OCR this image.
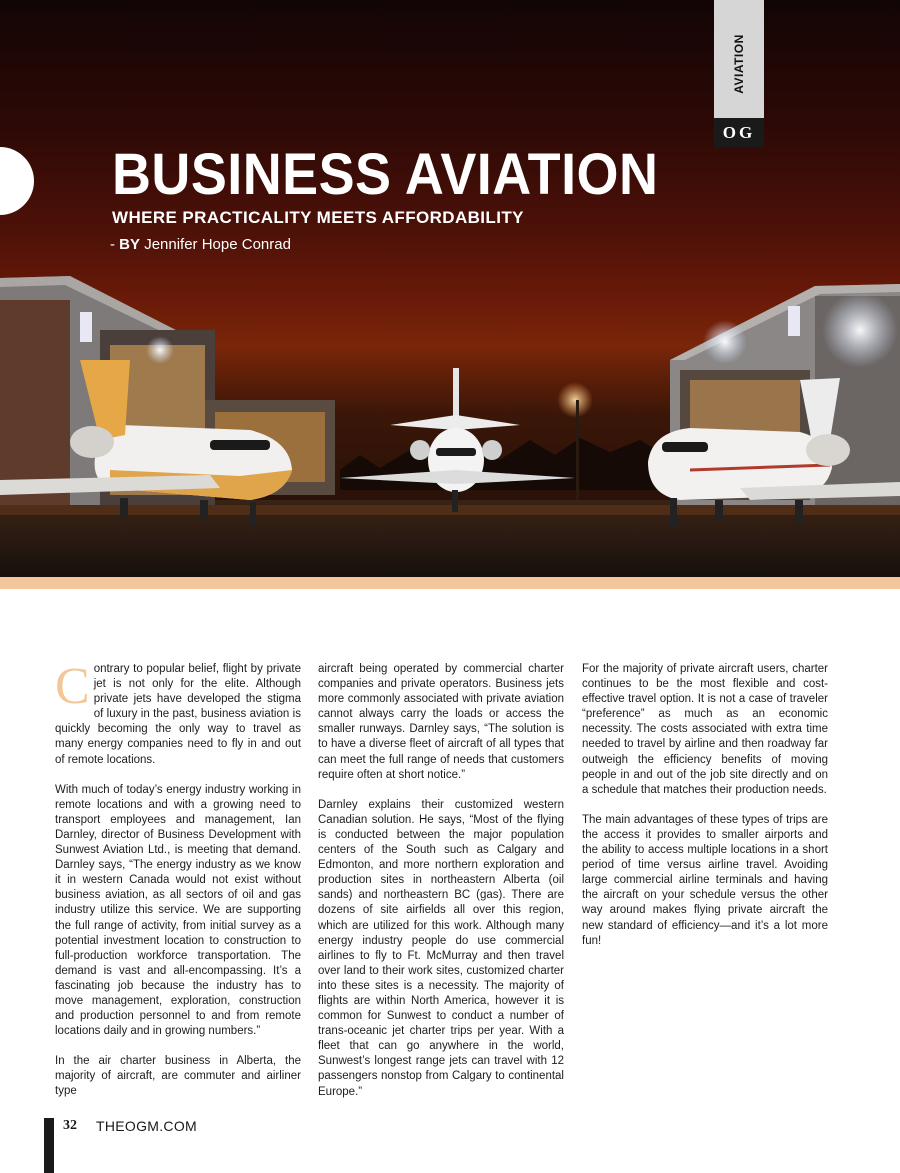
AVIATION
OG
BUSINESS AVIATION
WHERE PRACTICALITY MEETS AFFORDABILITY
- BY Jennifer Hope Conrad

Contrary to popular belief, flight by private jet is not only for the elite. Although private jets have developed the stigma of luxury in the past, business aviation is quickly becoming the only way to travel as many energy companies need to fly in and out of remote locations.

With much of today’s energy industry working in remote locations and with a growing need to transport employees and management, Ian Darnley, director of Business Development with Sunwest Aviation Ltd., is meeting that demand. Darnley says, “The energy industry as we know it in western Canada would not exist without business aviation, as all sectors of oil and gas industry utilize this service. We are supporting the full range of activity, from initial survey as a potential investment location to construction to full-production workforce transportation. The demand is vast and all-encompassing. It’s a fascinating job because the industry has to move management, exploration, construction and production personnel to and from remote locations daily and in growing numbers.”

In the air charter business in Alberta, the majority of aircraft, are commuter and airliner type

aircraft being operated by commercial charter companies and private operators. Business jets more commonly associated with private aviation cannot always carry the loads or access the smaller runways. Darnley says, “The solution is to have a diverse fleet of aircraft of all types that can meet the full range of needs that customers require often at short notice.”

Darnley explains their customized western Canadian solution. He says, “Most of the flying is conducted between the major population centers of the South such as Calgary and Edmonton, and more northern exploration and production sites in northeastern Alberta (oil sands) and northeastern BC (gas). There are dozens of site airfields all over this region, which are utilized for this work. Although many energy industry people do use commercial airlines to fly to Ft. McMurray and then travel over land to their work sites, customized charter into these sites is a necessity. The majority of flights are within North America, however it is common for Sunwest to conduct a number of trans-oceanic jet charter trips per year. With a fleet that can go anywhere in the world, Sunwest’s longest range jets can travel with 12 passengers nonstop from Calgary to continental Europe.”

For the majority of private aircraft users, charter continues to be the most flexible and cost-effective travel option. It is not a case of traveler “preference” as much as an economic necessity. The costs associated with extra time needed to travel by airline and then roadway far outweigh the efficiency benefits of moving people in and out of the job site directly and on a schedule that matches their production needs.

The main advantages of these types of trips are the access it provides to smaller airports and the ability to access multiple locations in a short period of time versus airline travel. Avoiding large commercial airline terminals and having the aircraft on your schedule versus the other way around makes flying private aircraft the new standard of efficiency—and it’s a lot more fun!

32 THEOGM.COM
